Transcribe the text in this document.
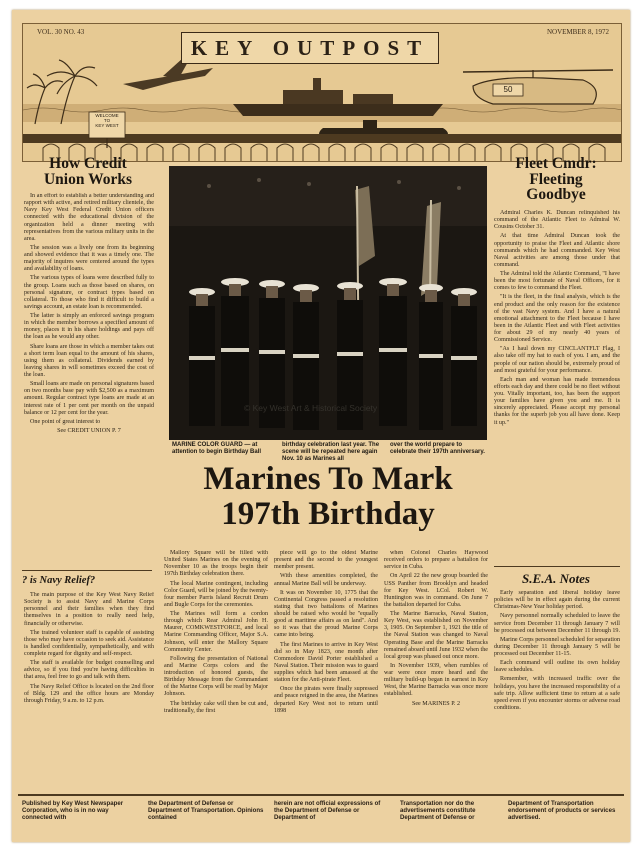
VOL. 30 NO. 43	NOVEMBER 8, 1972
KEY OUTPOST
WELCOME
TO
KEY WEST
50
How Credit
Union Works

In an effort to establish a better understanding and rapport with active, and retired military clientele, the Navy Key West Federal Credit Union officers connected with the educational division of the organization held a dinner meeting with representatives from the various military units in the area.

The session was a lively one from its beginning and showed evidence that it was a timely one. The majority of inquires were centered around the types and availability of loans.

The various types of loans were described fully to the group. Loans such as those based on shares, on personal signature, or contract types based on collateral. To those who find it difficult to build a savings account, an estate loan is recommended.

The latter is simply an enforced savings program in which the member borrows a specified amount of money, places it in his share holdings and pays off the loan as he would any other.

Share loans are those in which a member takes out a short term loan equal to the amount of his shares, using them as collateral. Dividends earned by leaving shares in will sometimes exceed the cost of the loan.

Small loans are made on personal signatures based on two months base pay with $2,500 as a maximum amount. Regular contract type loans are made at an interest rate of 1 per cent per month on the unpaid balance or 12 per cent for the year.

One point of great interest to

See CREDIT UNION P. 7

? is Navy Relief?

The main purpose of the Key West Navy Relief Society is to assist Navy and Marine Corps personnel and their families when they find themselves in a position to really need help, financially or otherwise.

The trained volunteer staff is capable of assisting those who may have occasion to seek aid. Assistance is handled confidentially, sympathetically, and with complete regard for dignity and self-respect.

The staff is available for budget counselling and advice, so if you find you're having difficulties in that area, feel free to go and talk with them.

The Navy Relief Office is located on the 2nd floor of Bldg. 129 and the office hours are Monday through Friday, 9 a.m. to 12 p.m.

© Key West Art & Historical Society
MARINE COLOR GUARD — at attention to begin Birthday Ball
birthday celebration last year. The scene will be repeated here again Nov. 10 as Marines all
over the world prepare to celebrate their 197th anniversary.
Marines To Mark
197th Birthday

Mallory Square will be filled with United States Marines on the evening of November 10 as the troops begin their 197th Birthday celebration there.

The local Marine contingent, including Color Guard, will be joined by the twenty-four member Parris Island Recruit Drum and Bugle Corps for the ceremonies.

The Marines will form a cordon through which Rear Admiral John H. Maurer, COMKWESTFORCE, and local Marine Commanding Officer, Major S.A. Johnson, will enter the Mallory Square Community Center.

Following the presentation of National and Marine Corps colors and the introduction of honored guests, the Birthday Message from the Commandant of the Marine Corps will be read by Major Johnson.

The birthday cake will then be cut and, traditionally, the first

piece will go to the oldest Marine present and the second to the youngest member present.

With these amenities completed, the annual Marine Ball will be underway.

It was on November 10, 1775 that the Continental Congress passed a resolution stating that two battalions of Marines should be raised who would be "equally good at maritime affairs as on land". And so it was that the proud Marine Corps came into being.

The first Marines to arrive in Key West did so in May 1823, one month after Commodore David Porter established a Naval Station. Their mission was to guard supplies which had been amassed at the station for the Anti-pirate Fleet.

Once the pirates were finally supressed and peace reigned in the area, the Marines departed Key West not to return until 1898

when Colonel Charles Haywood received orders to prepare a battalion for service in Cuba.

On April 22 the new group boarded the USS Panther from Brooklyn and headed for Key West. LCol. Robert W. Huntington was in command. On June 7 the battalion departed for Cuba.

The Marine Barracks, Naval Station, Key West, was established on November 3, 1905. On September 1, 1921 the title of the Naval Station was changed to Naval Operating Base and the Marine Barracks remained aboard until June 1932 when the local group was phased out once more.

In November 1939, when rumbles of war were once more heard and the military build-up began in earnest in Key West, the Marine Barracks was once more established.

See MARINES P. 2

Fleet Cmdr:
Fleeting
Goodbye

Admiral Charles K. Duncan relinquished his command of the Atlantic Fleet to Admiral W. Cousins October 31.

At that time Admiral Duncan took the opportunity to praise the Fleet and Atlantic shore commands which he had commanded. Key West Naval activities are among those under that command.

The Admiral told the Atlantic Command, "I have been the most fortunate of Naval Officers, for it comes to few to command the Fleet.

"It is the fleet, in the final analysis, which is the end product and the only reason for the existence of the vast Navy system. And I have a natural emotional attachment to the Fleet because I have been in the Atlantic Fleet and with Fleet activities for about 29 of my nearly 40 years of Commissioned Service.

"As I haul down my CINCLANTFLT Flag, I also take off my hat to each of you. I am, and the people of our nation should be, extremely proud of and most grateful for your performance.

Each man and woman has made tremendous efforts each day and there could be no fleet without you. Vitally important, too, has been the support your families have given you and me. It is sincerely appreciated. Please accept my personal thanks for the superb job you all have done. Keep it up."

S.E.A. Notes

Early separation and liberal holiday leave policies will be in effect again during the current Christmas-New Year holiday period.

Navy personnel normally scheduled to leave the service from December 11 through January 7 will be processed out between December 11 through 19.

Marine Corps personnel scheduled for separation during December 11 through January 5 will be processed out December 11-15.

Each command will outline its own holiday leave schedules.

Remember, with increased traffic over the holidays, you have the increased responsibility of a safe trip. Allow sufficient time to return at a safe speed even if you encounter storms or adverse road conditions.

Published by Key West Newspaper Corporation, who is in no way connected with
the Department of Defense or Department of Transportation. Opinions contained
herein are not official expressions of the Department of Defense or Department of
Transportation nor do the advertisements constitute Department of Defense or
Department of Transportation endorsement of products or services advertised.
